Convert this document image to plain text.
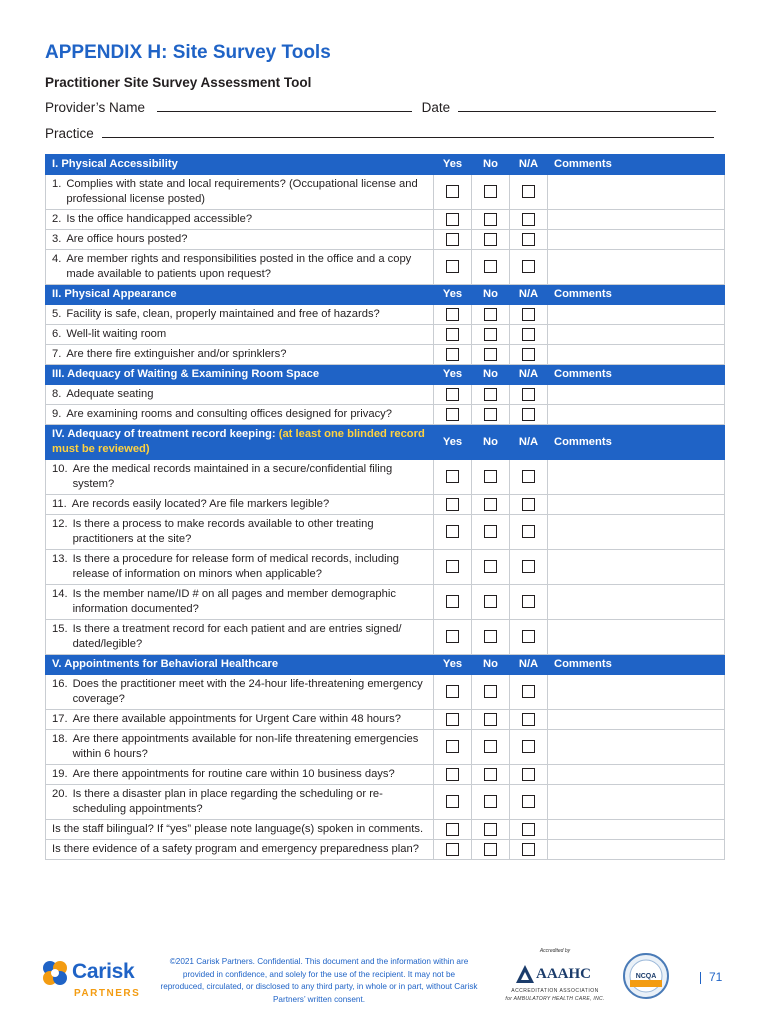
APPENDIX H: Site Survey Tools
Practitioner Site Survey Assessment Tool
Provider’s Name	Date
Practice
I. Physical Accessibility	Yes	No	N/A	Comments

1. Complies with state and local requirements? (Occupational license and professional license posted)				

2. Is the office handicapped accessible?				

3. Are office hours posted?				

4. Are member rights and responsibilities posted in the office and a copy made available to patients upon request?				

II. Physical Appearance	Yes	No	N/A	Comments

5. Facility is safe, clean, properly maintained and free of hazards?				

6. Well-lit waiting room				

7. Are there fire extinguisher and/or sprinklers?				

III. Adequacy of Waiting & Examining Room Space	Yes	No	N/A	Comments

8. Adequate seating				

9. Are examining rooms and consulting offices designed for privacy?				

IV. Adequacy of treatment record keeping: (at least one blinded record must be reviewed)	Yes	No	N/A	Comments

10. Are the medical records maintained in a secure/confidential filing system?				

11. Are records easily located? Are file markers legible?				

12. Is there a process to make records available to other treating practitioners at the site?				

13. Is there a procedure for release form of medical records, including release of information on minors when applicable?				

14. Is the member name/ID # on all pages and member demographic information documented?				

15. Is there a treatment record for each patient and are entries signed/ dated/legible?				

V. Appointments for Behavioral Healthcare	Yes	No	N/A	Comments

16. Does the practitioner meet with the 24-hour life-threatening emergency coverage?				

17. Are there available appointments for Urgent Care within 48 hours?				

18. Are there appointments available for non-life threatening emergencies within 6 hours?				

19. Are there appointments for routine care within 10 business days?				

20. Is there a disaster plan in place regarding the scheduling or re-scheduling appointments?				

Is the staff bilingual? If “yes” please note language(s) spoken in comments.				

Is there evidence of a safety program and emergency preparedness plan?				

Carisk
PARTNERS
©2021 Carisk Partners. Confidential. This document and the information within are provided in confidence, and solely for the use of the recipient. It may not be reproduced, circulated, or disclosed to any third party, in whole or in part, without Carisk Partners’ written consent.
Accredited by
AAAHC
ACCREDITATION ASSOCIATION
for AMBULATORY HEALTH CARE, INC.
NCQA	71
